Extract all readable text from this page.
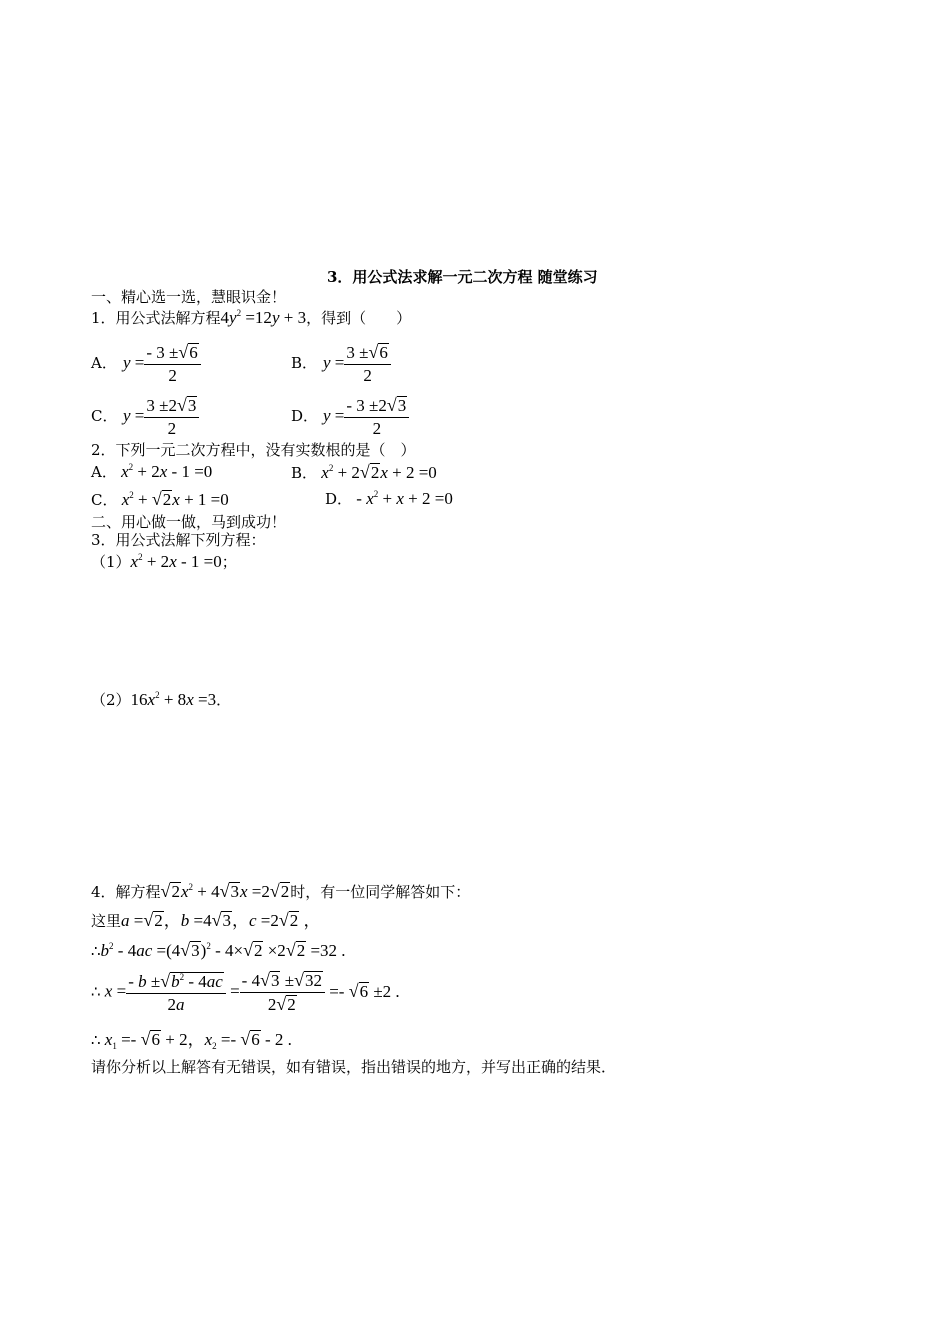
3．用公式法求解一元二次方程 随堂练习
一、精心选一选，慧眼识金！
1．用公式法解方程$4y^2 =12y + 3$，得到（　　）
A． $y = \frac{- 3 \pm√6}{2}$	B． $y = \frac{3 \pm√6}{2}$
C． $y = \frac{3 \pm 2√3}{2}$	D． $y = \frac{- 3 \pm 2√3}{2}$
2．下列一元二次方程中，没有实数根的是（　）
A． $x^2 + 2x - 1 =0$	B． $x^2 + 2√2x + 2 =0$
C． $x^2 + √2x + 1 =0$	D． - $x^2 + x + 2 =0$
二、用心做一做，马到成功！
3．用公式法解下列方程：
$(1)x^2 + 2x - 1 =0$；
$(2)16x^2 + 8x =3$．
4．解方程$√2x^2 + 4√3x =2√2$时，有一位同学解答如下：
这里a =√2，b =4√3，c =2√2 ，
$\therefore b^2 - 4ac =(4√3)^2 - 4\times√2 \times 2√2 =32$ .
∴ $x = \frac{- b \pm√b^2 - 4ac}{2a} = \frac{- 4√3 \pm√32}{2√2} =- √6 \pm 2$ .
∴ $x_1 =- √6 + 2$，$x_2 =- √6 - 2$ .
请你分析以上解答有无错误，如有错误，指出错误的地方，并写出正确的结果．
